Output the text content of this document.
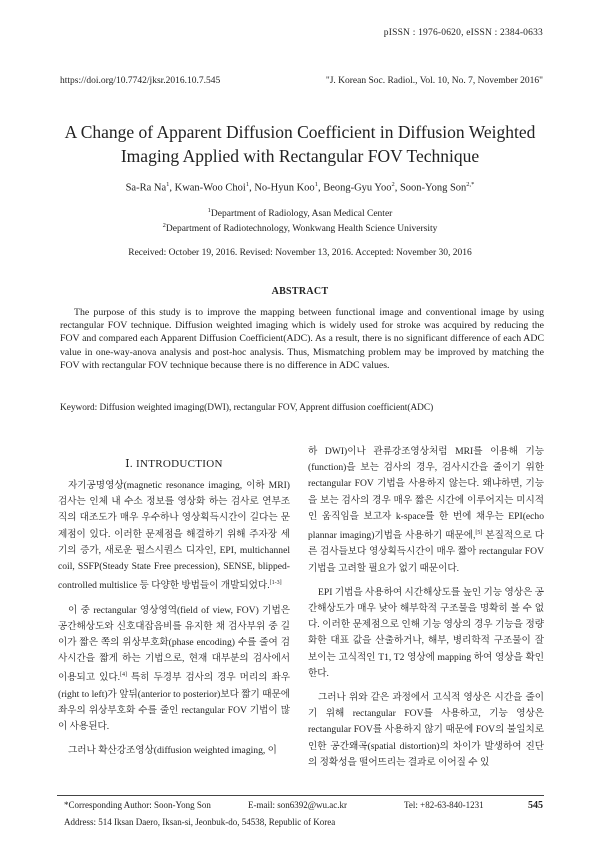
pISSN : 1976-0620, eISSN : 2384-0633
https://doi.org/10.7742/jksr.2016.10.7.545	"J. Korean Soc. Radiol., Vol. 10, No. 7, November 2016"
A Change of Apparent Diffusion Coefficient in Diffusion Weighted
Imaging Applied with Rectangular FOV Technique
Sa-Ra Na$^1$, Kwan-Woo Choi$^1$, No-Hyun Koo$^1$, Beong-Gyu Yoo$^2$, Soon-Yong Son$^{2,*}$
$^1$Department of Radiology, Asan Medical Center
$^2$Department of Radiotechnology, Wonkwang Health Science University
Received: October 19, 2016. Revised: November 13, 2016. Accepted: November 30, 2016
ABSTRACT
The purpose of this study is to improve the mapping between functional image and conventional image by using rectangular FOV technique. Diffusion weighted imaging which is widely used for stroke was acquired by reducing the FOV and compared each Apparent Diffusion Coefficient(ADC). As a result, there is no significant difference of each ADC value in one-way-anova analysis and post-hoc analysis. Thus, Mismatching problem may be improved by matching the FOV with rectangular FOV technique because there is no difference in ADC values.
Keyword: Diffusion weighted imaging(DWI), rectangular FOV, Apprent diffusion coefficient(ADC)
Ⅰ. INTRODUCTION

자기공명영상(magnetic resonance imaging, 이하 MRI) 검사는 인체 내 수소 정보를 영상화 하는 검사로 연부조직의 대조도가 매우 우수하나 영상획득시간이 길다는 문제점이 있다. 이러한 문제점을 해결하기 위해 주자장 세기의 증가, 새로운 펄스시퀀스 디자인, EPI, multichannel coil, SSFP(Steady State Free precession), SENSE, blipped-controlled multislice 등 다양한 방법들이 개발되었다.[1-3]

이 중 rectangular 영상영역(field of view, FOV) 기법은 공간해상도와 신호대잡음비를 유지한 채 검사부위 중 길이가 짧은 쪽의 위상부호화(phase encoding) 수를 줄여 검사시간을 짧게 하는 기법으로, 현재 대부분의 검사에서 이용되고 있다.[4] 특히 두경부 검사의 경우 머리의 좌우(right to left)가 앞뒤(anterior to posterior)보다 짧기 때문에 좌우의 위상부호화 수를 줄인 rectangular FOV 기법이 많이 사용된다.

그러나 확산강조영상(diffusion weighted imaging, 이

하 DWI)이나 관류강조영상처럼 MRI를 이용해 기능(function)을 보는 검사의 경우, 검사시간을 줄이기 위한 rectangular FOV 기법을 사용하지 않는다. 왜냐하면, 기능을 보는 검사의 경우 매우 짧은 시간에 이루어지는 미시적인 움직임을 보고자 k-space를 한 번에 채우는 EPI(echo plannar imaging)기법을 사용하기 때문에,[5] 본질적으로 다른 검사들보다 영상획득시간이 매우 짧아 rectangular FOV 기법을 고려할 필요가 없기 때문이다.

EPI 기법을 사용하여 시간해상도를 높인 기능 영상은 공간해상도가 매우 낮아 해부학적 구조물을 명확히 볼 수 없다. 이러한 문제점으로 인해 기능 영상의 경우 기능을 정량화한 대표 값을 산출하거나, 해부, 병리학적 구조물이 잘 보이는 고식적인 T1, T2 영상에 mapping 하여 영상을 확인한다.

그러나 위와 같은 과정에서 고식적 영상은 시간을 줄이기 위해 rectangular FOV를 사용하고, 기능 영상은 rectangular FOV를 사용하지 않기 때문에 FOV의 불일치로 인한 공간왜곡(spatial distortion)의 차이가 발생하여 진단의 정확성을 떨어뜨리는 결과로 이어질 수 있

*Corresponding Author: Soon-Yong Son	E-mail: son6392@wu.ac.kr	Tel: +82-63-840-1231	545
Address: 514 Iksan Daero, Iksan-si, Jeonbuk-do, 54538, Republic of Korea
